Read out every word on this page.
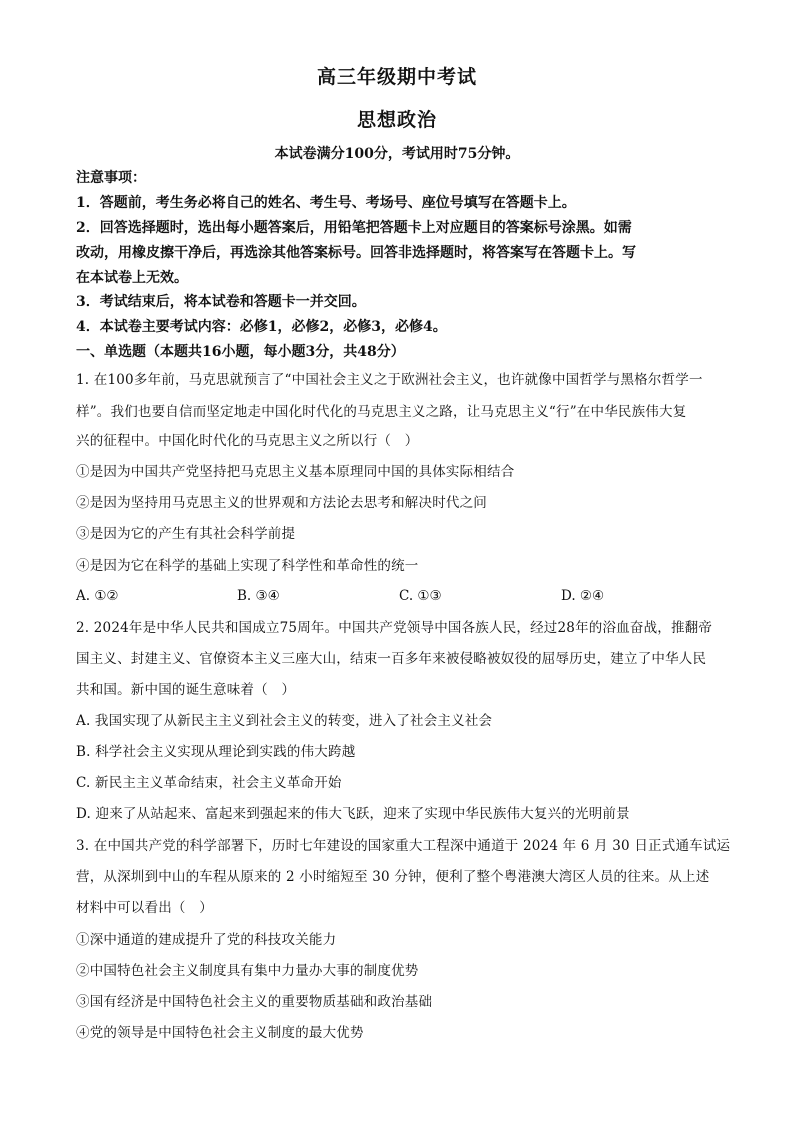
高三年级期中考试
思想政治
本试卷满分100分，考试用时75分钟。
注意事项：
1．答题前，考生务必将自己的姓名、考生号、考场号、座位号填写在答题卡上。
2．回答选择题时，选出每小题答案后，用铅笔把答题卡上对应题目的答案标号涂黑。如需
改动，用橡皮擦干净后，再选涂其他答案标号。回答非选择题时，将答案写在答题卡上。写
在本试卷上无效。
3．考试结束后，将本试卷和答题卡一并交回。
4．本试卷主要考试内容：必修1，必修2，必修3，必修4。
一、单选题（本题共16小题，每小题3分，共48分）
1. 在100多年前，马克思就预言了“中国社会主义之于欧洲社会主义，也许就像中国哲学与黑格尔哲学一
样”。我们也要自信而坚定地走中国化时代化的马克思主义之路，让马克思主义“行”在中华民族伟大复
兴的征程中。中国化时代化的马克思主义之所以行（　）
①是因为中国共产党坚持把马克思主义基本原理同中国的具体实际相结合
②是因为坚持用马克思主义的世界观和方法论去思考和解决时代之问
③是因为它的产生有其社会科学前提
④是因为它在科学的基础上实现了科学性和革命性的统一
A. ①②	B. ③④	C. ①③	D. ②④
2. 2024年是中华人民共和国成立75周年。中国共产党领导中国各族人民，经过28年的浴血奋战，推翻帝
国主义、封建主义、官僚资本主义三座大山，结束一百多年来被侵略被奴役的屈辱历史，建立了中华人民
共和国。新中国的诞生意味着（　）
A. 我国实现了从新民主主义到社会主义的转变，进入了社会主义社会
B. 科学社会主义实现从理论到实践的伟大跨越
C. 新民主主义革命结束，社会主义革命开始
D. 迎来了从站起来、富起来到强起来的伟大飞跃，迎来了实现中华民族伟大复兴的光明前景
3. 在中国共产党的科学部署下，历时七年建设的国家重大工程深中通道于 2024 年 6 月 30 日正式通车试运
营，从深圳到中山的车程从原来的 2 小时缩短至 30 分钟，便利了整个粤港澳大湾区人员的往来。从上述
材料中可以看出（　）
①深中通道的建成提升了党的科技攻关能力
②中国特色社会主义制度具有集中力量办大事的制度优势
③国有经济是中国特色社会主义的重要物质基础和政治基础
④党的领导是中国特色社会主义制度的最大优势
